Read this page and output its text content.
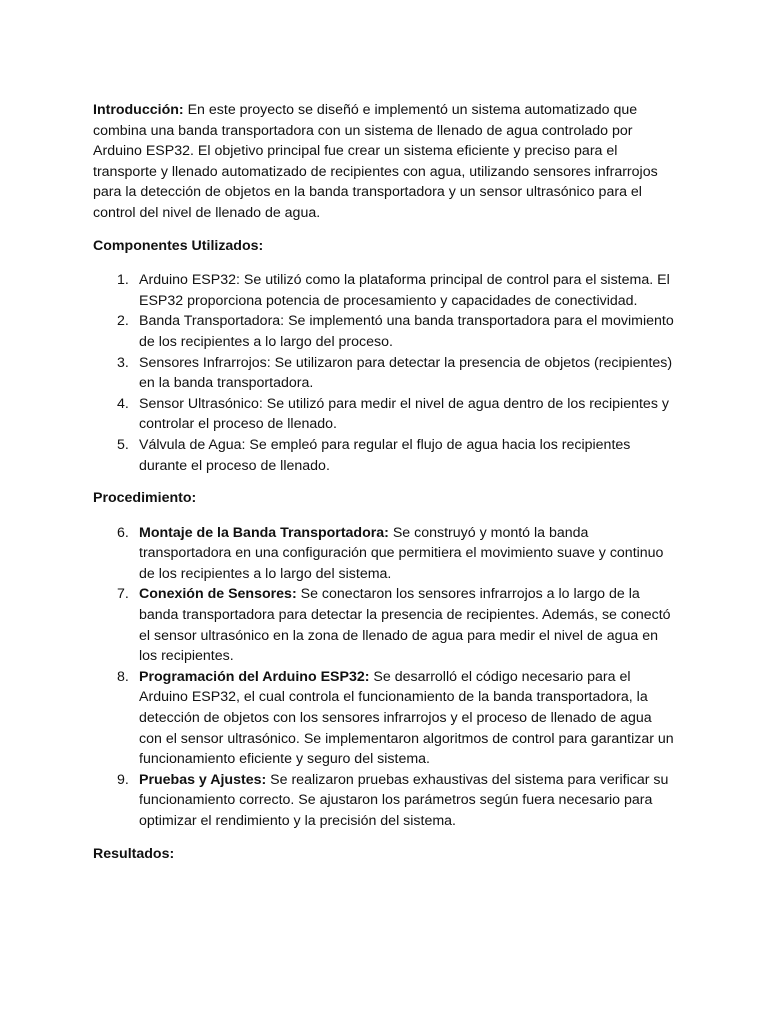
Introducción: En este proyecto se diseñó e implementó un sistema automatizado que combina una banda transportadora con un sistema de llenado de agua controlado por Arduino ESP32. El objetivo principal fue crear un sistema eficiente y preciso para el transporte y llenado automatizado de recipientes con agua, utilizando sensores infrarrojos para la detección de objetos en la banda transportadora y un sensor ultrasónico para el control del nivel de llenado de agua.

Componentes Utilizados:

1. Arduino ESP32: Se utilizó como la plataforma principal de control para el sistema. El ESP32 proporciona potencia de procesamiento y capacidades de conectividad.
2. Banda Transportadora: Se implementó una banda transportadora para el movimiento de los recipientes a lo largo del proceso.
3. Sensores Infrarrojos: Se utilizaron para detectar la presencia de objetos (recipientes) en la banda transportadora.
4. Sensor Ultrasónico: Se utilizó para medir el nivel de agua dentro de los recipientes y controlar el proceso de llenado.
5. Válvula de Agua: Se empleó para regular el flujo de agua hacia los recipientes durante el proceso de llenado.

Procedimiento:

6. Montaje de la Banda Transportadora: Se construyó y montó la banda transportadora en una configuración que permitiera el movimiento suave y continuo de los recipientes a lo largo del sistema.
7. Conexión de Sensores: Se conectaron los sensores infrarrojos a lo largo de la banda transportadora para detectar la presencia de recipientes. Además, se conectó el sensor ultrasónico en la zona de llenado de agua para medir el nivel de agua en los recipientes.
8. Programación del Arduino ESP32: Se desarrolló el código necesario para el Arduino ESP32, el cual controla el funcionamiento de la banda transportadora, la detección de objetos con los sensores infrarrojos y el proceso de llenado de agua con el sensor ultrasónico. Se implementaron algoritmos de control para garantizar un funcionamiento eficiente y seguro del sistema.
9. Pruebas y Ajustes: Se realizaron pruebas exhaustivas del sistema para verificar su funcionamiento correcto. Se ajustaron los parámetros según fuera necesario para optimizar el rendimiento y la precisión del sistema.

Resultados:
